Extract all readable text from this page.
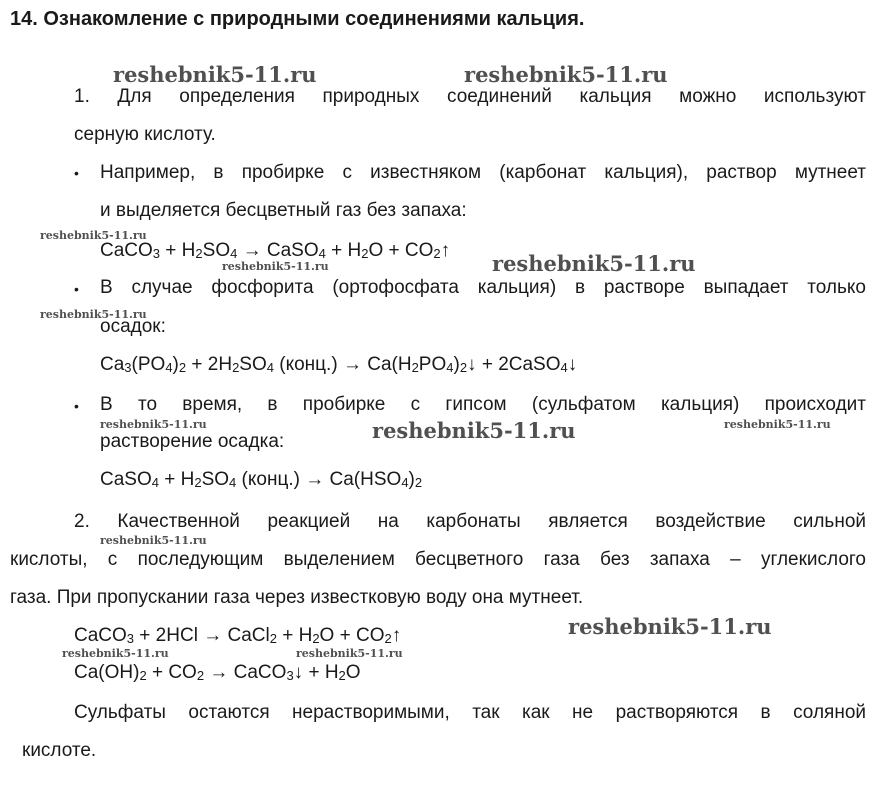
14. Ознакомление с природными соединениями кальция.
1. Для определения природных соединений кальция можно используют
серную кислоту.
• Например, в пробирке с известняком (карбонат кальция), раствор мутнеет
и выделяется бесцветный газ без запаха:
CaCO$_3$ + $H_2SO_4$ → CaSO$_4$ + $H_2O$ + $CO_2↑$
• В случае фосфорита (ортофосфата кальция) в растворе выпадает только
осадок:
$Ca_3(PO_4)_2 + 2H_2SO_4$ (конц.) → $Ca(H_2PO_4)_2↓$ + 2CaSO$_4$↓
• В то время, в пробирке с гипсом (сульфатом кальция) происходит
растворение осадка:
CaSO$_4$ + $H_2SO_4$ (конц.) → $Ca(HSO_4)_2$
2. Качественной реакцией на карбонаты является воздействие сильной
кислоты, с последующим выделением бесцветного газа без запаха – углекислого
газа. При пропускании газа через известковую воду она мутнеет.
CaCO$_3$ + 2HCl → CaCl$_2$ + $H_2O$ + $CO_2↑$
$Ca(OH)_2 + CO_2$ → CaCO$_3$↓ + $H_2O$
Сульфаты остаются нерастворимыми, так как не растворяются в соляной
кислоте.
reshebnik5-11.ru	reshebnik5-11.ru
reshebnik5-11.ru
reshebnik5-11.ru	reshebnik5-11.ru
reshebnik5-11.ru
reshebnik5-11.ru	reshebnik5-11.ru	reshebnik5-11.ru
reshebnik5-11.ru
reshebnik5-11.ru
reshebnik5-11.ru	reshebnik5-11.ru
